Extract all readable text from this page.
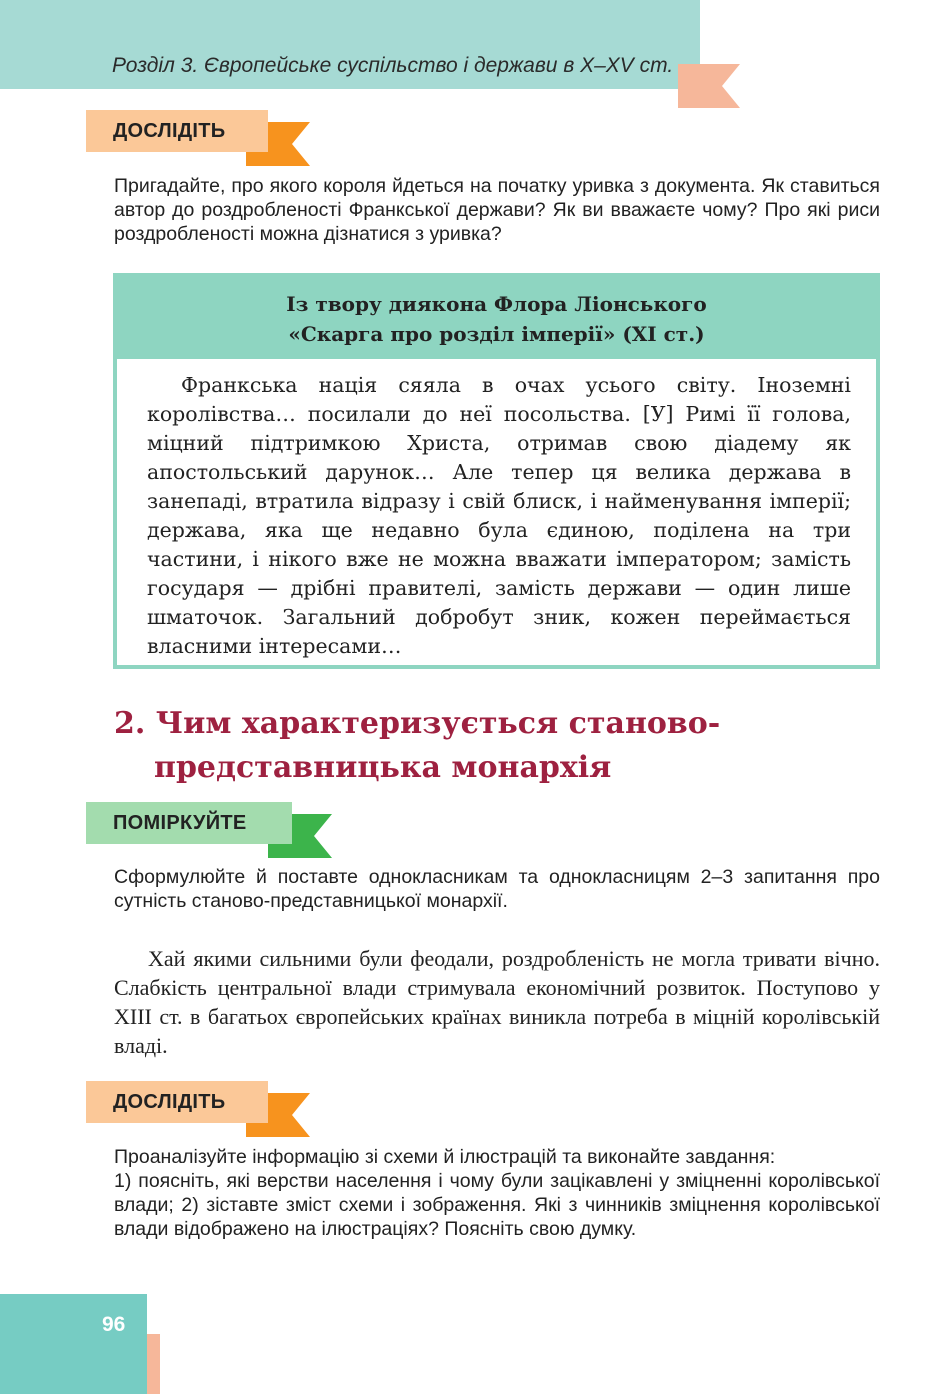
Розділ 3. Європейське суспільство і держави в X–XV ст.
ДОСЛІДІТЬ
Пригадайте, про якого короля йдеться на початку уривка з документа. Як ставиться автор до роздробленості Франкської держави? Як ви вважаєте чому? Про які риси роздробленості можна дізнатися з уривка?
Із твору диякона Флора Ліонського
«Скарга про розділ імперії» (XI ст.)
Франкська нація сяяла в очах усього світу. Іноземні королівства… посилали до неї посольства. [У] Римі її голова, міцний підтримкою Христа, отримав свою діадему як апостольський дарунок… Але тепер ця велика держава в занепаді, втратила відразу і свій блиск, і найменування імперії; держава, яка ще недавно була єдиною, поділена на три частини, і нікого вже не можна вважати імператором; замість государя — дрібні правителі, замість держави — один лише шматочок. Загальний добробут зник, кожен переймається власними інтересами…
2. Чим характеризується станово-
представницька монархія
ПОМІРКУЙТЕ
Сформулюйте й поставте однокласникам та однокласницям 2–3 запитання про сутність станово-представницької монархії.
Хай якими сильними були феодали, роздробленість не могла тривати вічно. Слабкість центральної влади стримувала економічний розвиток. Поступово у XIII ст. в багатьох європейських країнах виникла потреба в міцній королівській владі.
ДОСЛІДІТЬ
Проаналізуйте інформацію зі схеми й ілюстрацій та виконайте завдання:
1) поясніть, які верстви населення і чому були зацікавлені у зміцненні королівської влади; 2) зіставте зміст схеми і зображення. Які з чинників зміцнення королівської влади відображено на ілюстраціях? Поясніть свою думку.
96
